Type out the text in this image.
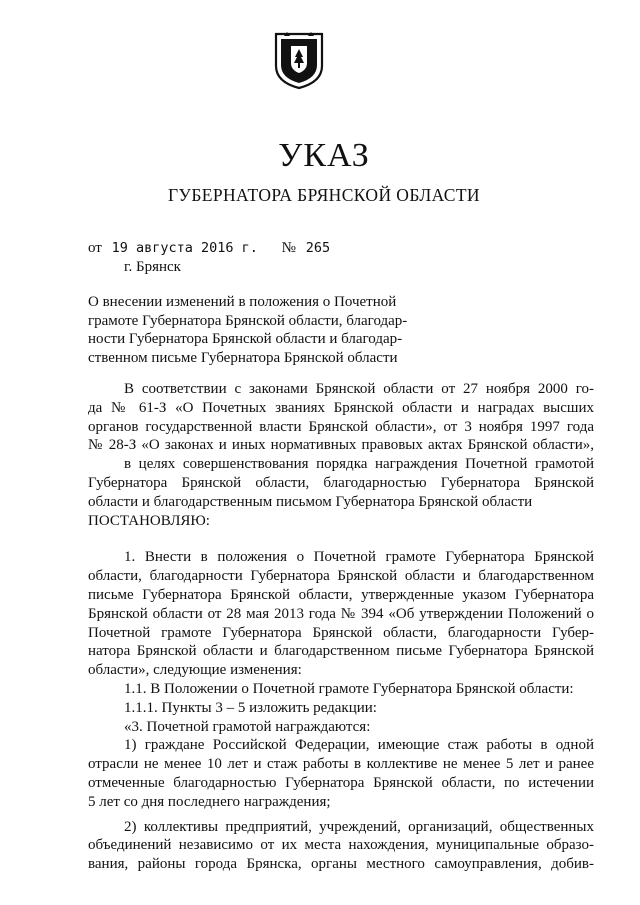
УКАЗ
ГУБЕРНАТОРА БРЯНСКОЙ ОБЛАСТИ
от 19 августа 2016 г. № 265
г. Брянск
О внесении изменений в положения о Почетной
грамоте Губернатора Брянской области, благодар-
ности Губернатора Брянской области и благодар-
ственном письме Губернатора Брянской области
В соответствии с законами Брянской области от 27 ноября 2000 го-
да № 61-З «О Почетных званиях Брянской области и наградах высших
органов государственной власти Брянской области», от 3 ноября 1997 года
№ 28-З «О законах и иных нормативных правовых актах Брянской области»,
в целях совершенствования порядка награждения Почетной грамотой
Губернатора Брянской области, благодарностью Губернатора Брянской
области и благодарственным письмом Губернатора Брянской области
ПОСТАНОВЛЯЮ:
1. Внести в положения о Почетной грамоте Губернатора Брянской
области, благодарности Губернатора Брянской области и благодарственном
письме Губернатора Брянской области, утвержденные указом Губернатора
Брянской области от 28 мая 2013 года № 394 «Об утверждении Положений о
Почетной грамоте Губернатора Брянской области, благодарности Губер-
натора Брянской области и благодарственном письме Губернатора Брянской
области», следующие изменения:
1.1. В Положении о Почетной грамоте Губернатора Брянской области:
1.1.1. Пункты 3 – 5 изложить редакции:
«3. Почетной грамотой награждаются:
1) граждане Российской Федерации, имеющие стаж работы в одной
отрасли не менее 10 лет и стаж работы в коллективе не менее 5 лет и ранее
отмеченные благодарностью Губернатора Брянской области, по истечении
5 лет со дня последнего награждения;
2) коллективы предприятий, учреждений, организаций, общественных
объединений независимо от их места нахождения, муниципальные образо-
вания, районы города Брянска, органы местного самоуправления, добив-
